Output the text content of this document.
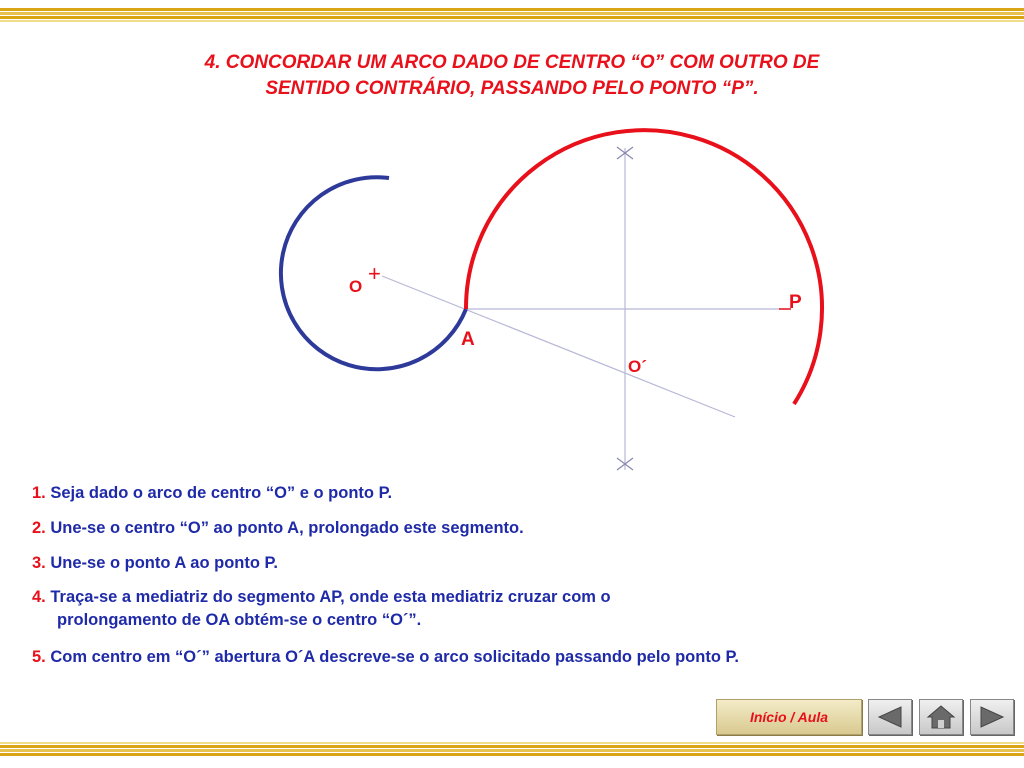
4. CONCORDAR UM ARCO DADO DE CENTRO “O” COM OUTRO DE
SENTIDO CONTRÁRIO, PASSANDO PELO PONTO “P”.
O
+
A
P
O´
1. Seja dado o arco de centro “O” e o ponto P.
2. Une-se o centro “O” ao ponto A, prolongado este segmento.
3. Une-se o ponto A ao ponto P.
4. Traça-se a mediatriz do segmento AP, onde esta mediatriz cruzar com o
prolongamento de OA obtém-se o centro “O´”.
5. Com centro em “O´” abertura O´A descreve-se o arco solicitado passando pelo ponto P.
Início / Aula
